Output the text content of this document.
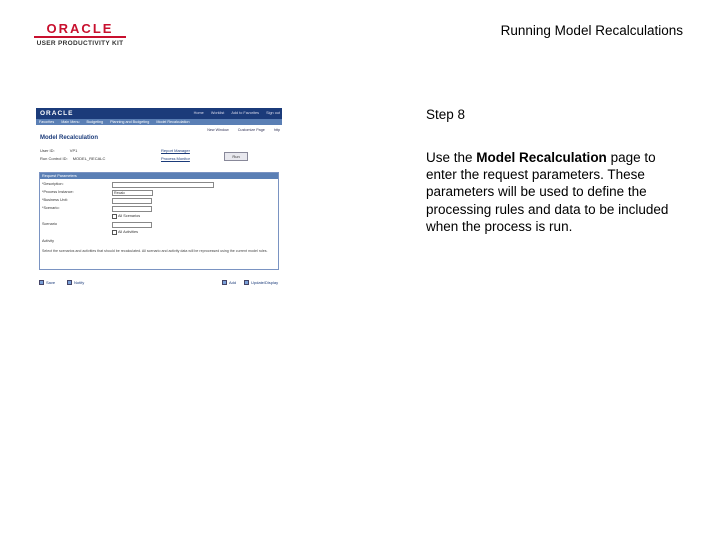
ORACLE
USER PRODUCTIVITY KIT
Running Model Recalculations
ORACLE	Home Worklist Add to Favorites Sign out
Favorites Main Menu Budgeting Planning and Budgeting Model Recalculation
New Window Customize Page http
Model Recalculation
User ID:	VP1
Run Control ID: MODEL_RECALC
Report Manager
Process Monitor	Run
Request Parameters
*Description:
*Process Instance:	Recalc
*Business Unit:
*Scenario:
All Scenarios
Scenario
All Activities
Activity
Select the scenarios and activities that should be recalculated. All scenario and activity data will be reprocessed using the current model rules.
Save	Notify	Add	Update/Display
Step 8
Use the Model Recalculation page to enter the request parameters. These parameters will be used to define the processing rules and data to be included when the process is run.
